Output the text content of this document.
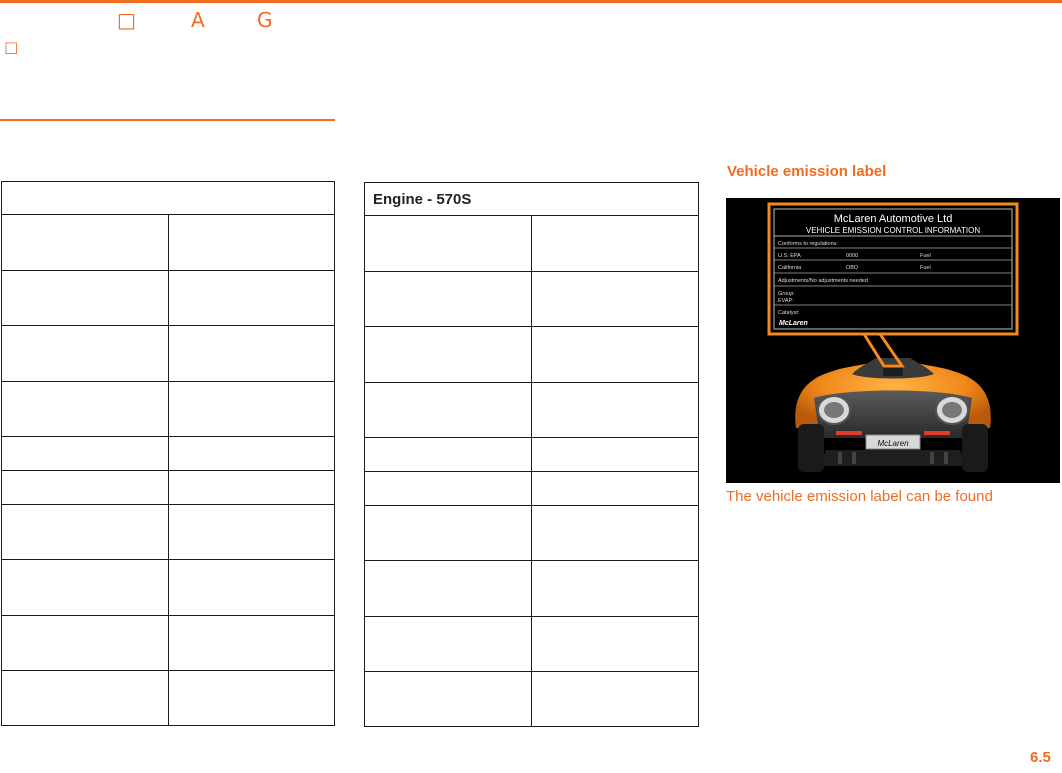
□	A	G
□

Engine - 570S	

Vehicle emission label
McLaren
McLaren Automotive Ltd
VEHICLE EMISSION CONTROL INFORMATION
Conforms to regulations:
U.S. EPA	0000	Fuel
California	OBD	Fuel
Adjustments/No adjustments needed
Group:
EVAP:
Catalyst:
McLaren
The vehicle emission label can be found
6.5
